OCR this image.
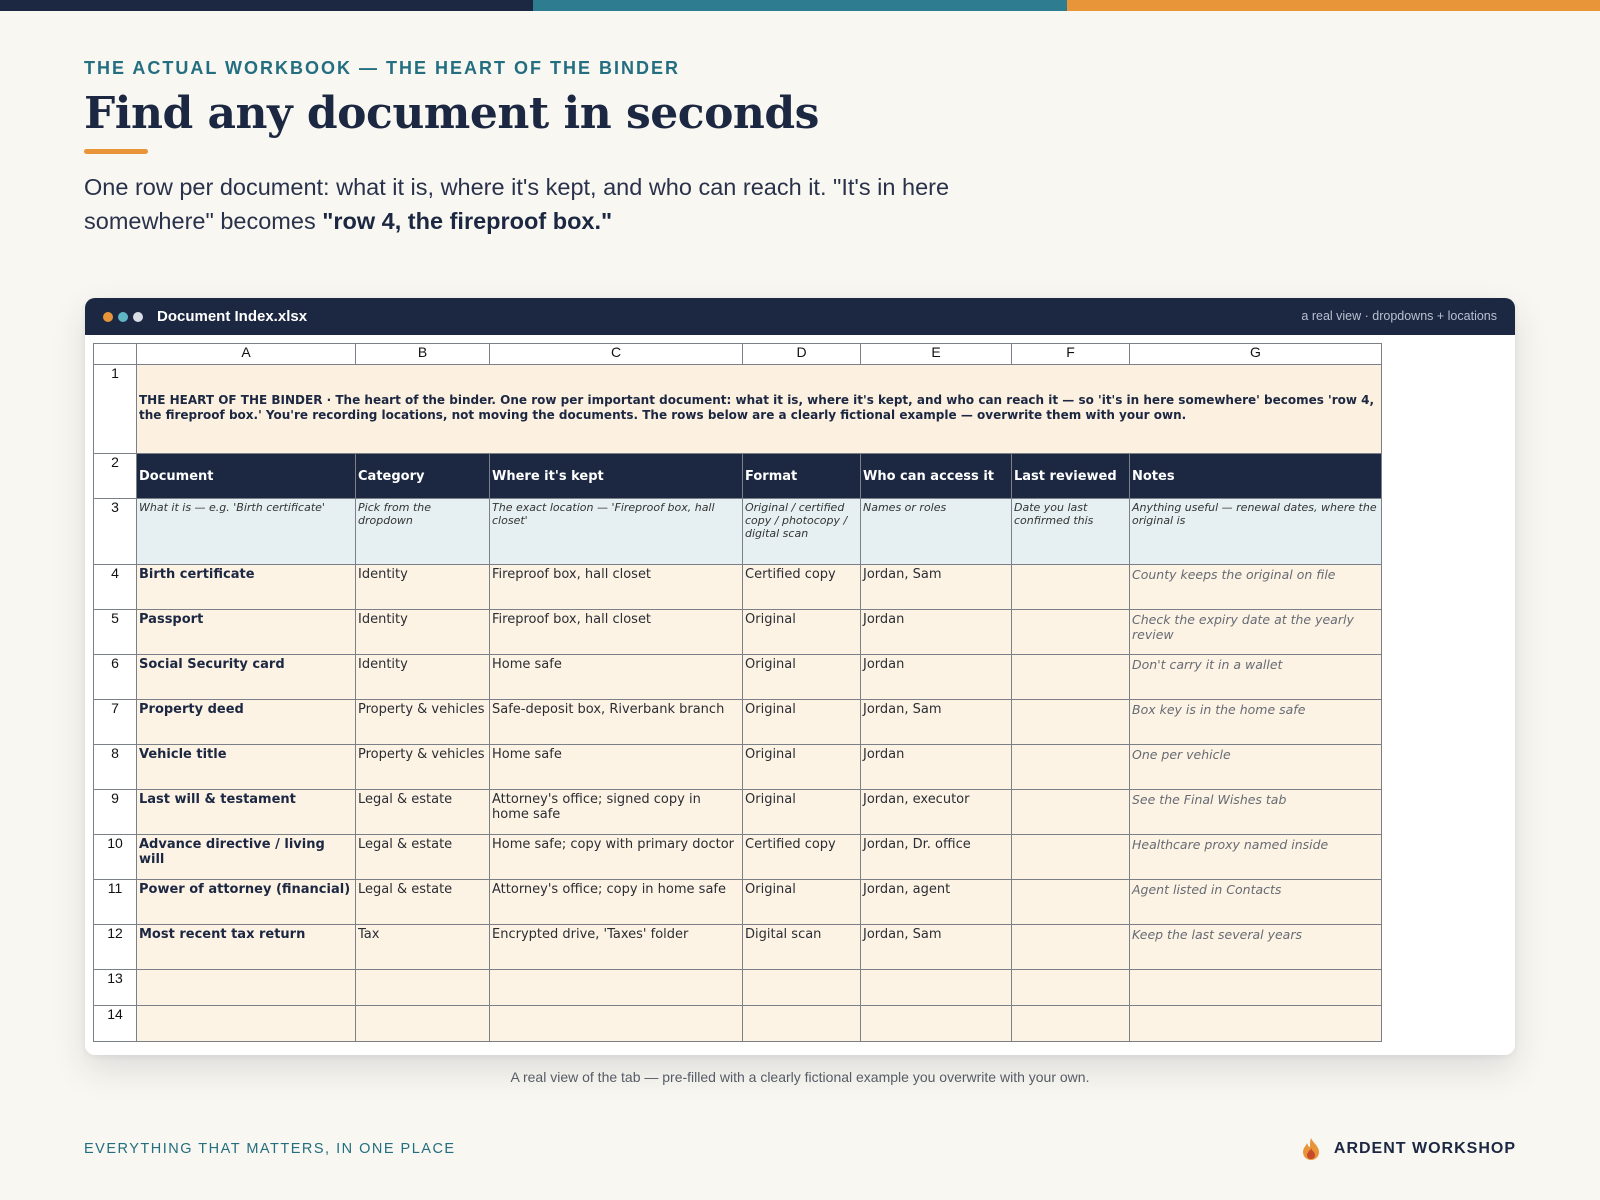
THE ACTUAL WORKBOOK — THE HEART OF THE BINDER
Find any document in seconds

One row per document: what it is, where it's kept, and who can reach it. "It's in here somewhere" becomes "row 4, the fireproof box."

Document Index.xlsx	a real view · dropdowns + locations
	A	B	C	D	E	F	G
1	THE HEART OF THE BINDER · The heart of the binder. One row per important document: what it is, where it's kept, and who can reach it — so 'it's in here somewhere' becomes 'row 4, the fireproof box.' You're recording locations, not moving the documents. The rows below are a clearly fictional example — overwrite them with your own.						
2	Document	Category	Where it's kept	Format	Who can access it	Last reviewed	Notes
3	What it is — e.g. 'Birth certificate'	Pick from the dropdown	The exact location — 'Fireproof box, hall closet'	Original / certified copy / photocopy / digital scan	Names or roles	Date you last confirmed this	Anything useful — renewal dates, where the original is
4	Birth certificate	Identity	Fireproof box, hall closet	Certified copy	Jordan, Sam		County keeps the original on file
5	Passport	Identity	Fireproof box, hall closet	Original	Jordan		Check the expiry date at the yearly review
6	Social Security card	Identity	Home safe	Original	Jordan		Don't carry it in a wallet
7	Property deed	Property & vehicles	Safe-deposit box, Riverbank branch	Original	Jordan, Sam		Box key is in the home safe
8	Vehicle title	Property & vehicles	Home safe	Original	Jordan		One per vehicle
9	Last will & testament	Legal & estate	Attorney's office; signed copy in home safe	Original	Jordan, executor		See the Final Wishes tab
10	Advance directive / living will	Legal & estate	Home safe; copy with primary doctor	Certified copy	Jordan, Dr. office		Healthcare proxy named inside
11	Power of attorney (financial)	Legal & estate	Attorney's office; copy in home safe	Original	Jordan, agent		Agent listed in Contacts
12	Most recent tax return	Tax	Encrypted drive, 'Taxes' folder	Digital scan	Jordan, Sam		Keep the last several years
13							
14							
A real view of the tab — pre-filled with a clearly fictional example you overwrite with your own.
EVERYTHING THAT MATTERS, IN ONE PLACE	ARDENT WORKSHOP
